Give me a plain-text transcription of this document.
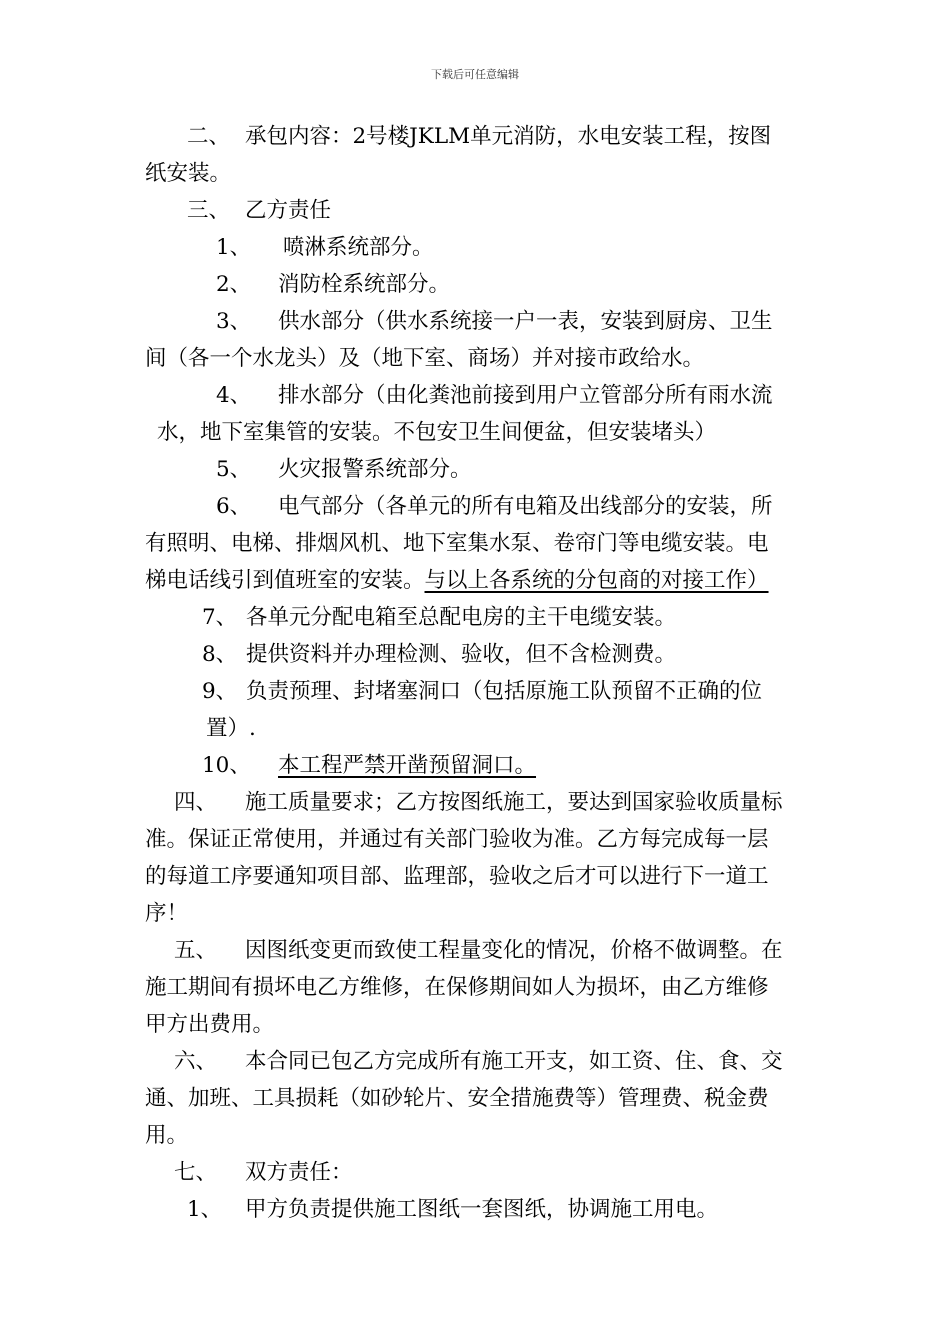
下载后可任意编辑
二、 承包内容：2号楼JKLM单元消防，水电安装工程，按图
纸安装。
三、 乙方责任
1、 喷淋系统部分。
2、 消防栓系统部分。
3、 供水部分（供水系统接一户一表，安装到厨房、卫生
间（各一个水龙头）及（地下室、商场）并对接市政给水。
4、 排水部分（由化粪池前接到用户立管部分所有雨水流
水，地下室集管的安装。不包安卫生间便盆，但安装堵头）
5、 火灾报警系统部分。
6、 电气部分（各单元的所有电箱及出线部分的安装，所
有照明、电梯、排烟风机、地下室集水泵、卷帘门等电缆安装。电
梯电话线引到值班室的安装。与以上各系统的分包商的对接工作）
7、 各单元分配电箱至总配电房的主干电缆安装。
8、 提供资料并办理检测、验收，但不含检测费。
9、 负责预理、封堵塞洞口（包括原施工队预留不正确的位
置）.
10、 本工程严禁开凿预留洞口。
四、 施工质量要求；乙方按图纸施工，要达到国家验收质量标
准。保证正常使用，并通过有关部门验收为准。乙方每完成每一层
的每道工序要通知项目部、监理部，验收之后才可以进行下一道工
序！
五、 因图纸变更而致使工程量变化的情况，价格不做调整。在
施工期间有损坏电乙方维修，在保修期间如人为损坏，由乙方维修
甲方出费用。
六、 本合同已包乙方完成所有施工开支，如工资、住、食、交
通、加班、工具损耗（如砂轮片、安全措施费等）管理费、税金费
用。
七、 双方责任：
1、 甲方负责提供施工图纸一套图纸，协调施工用电。
